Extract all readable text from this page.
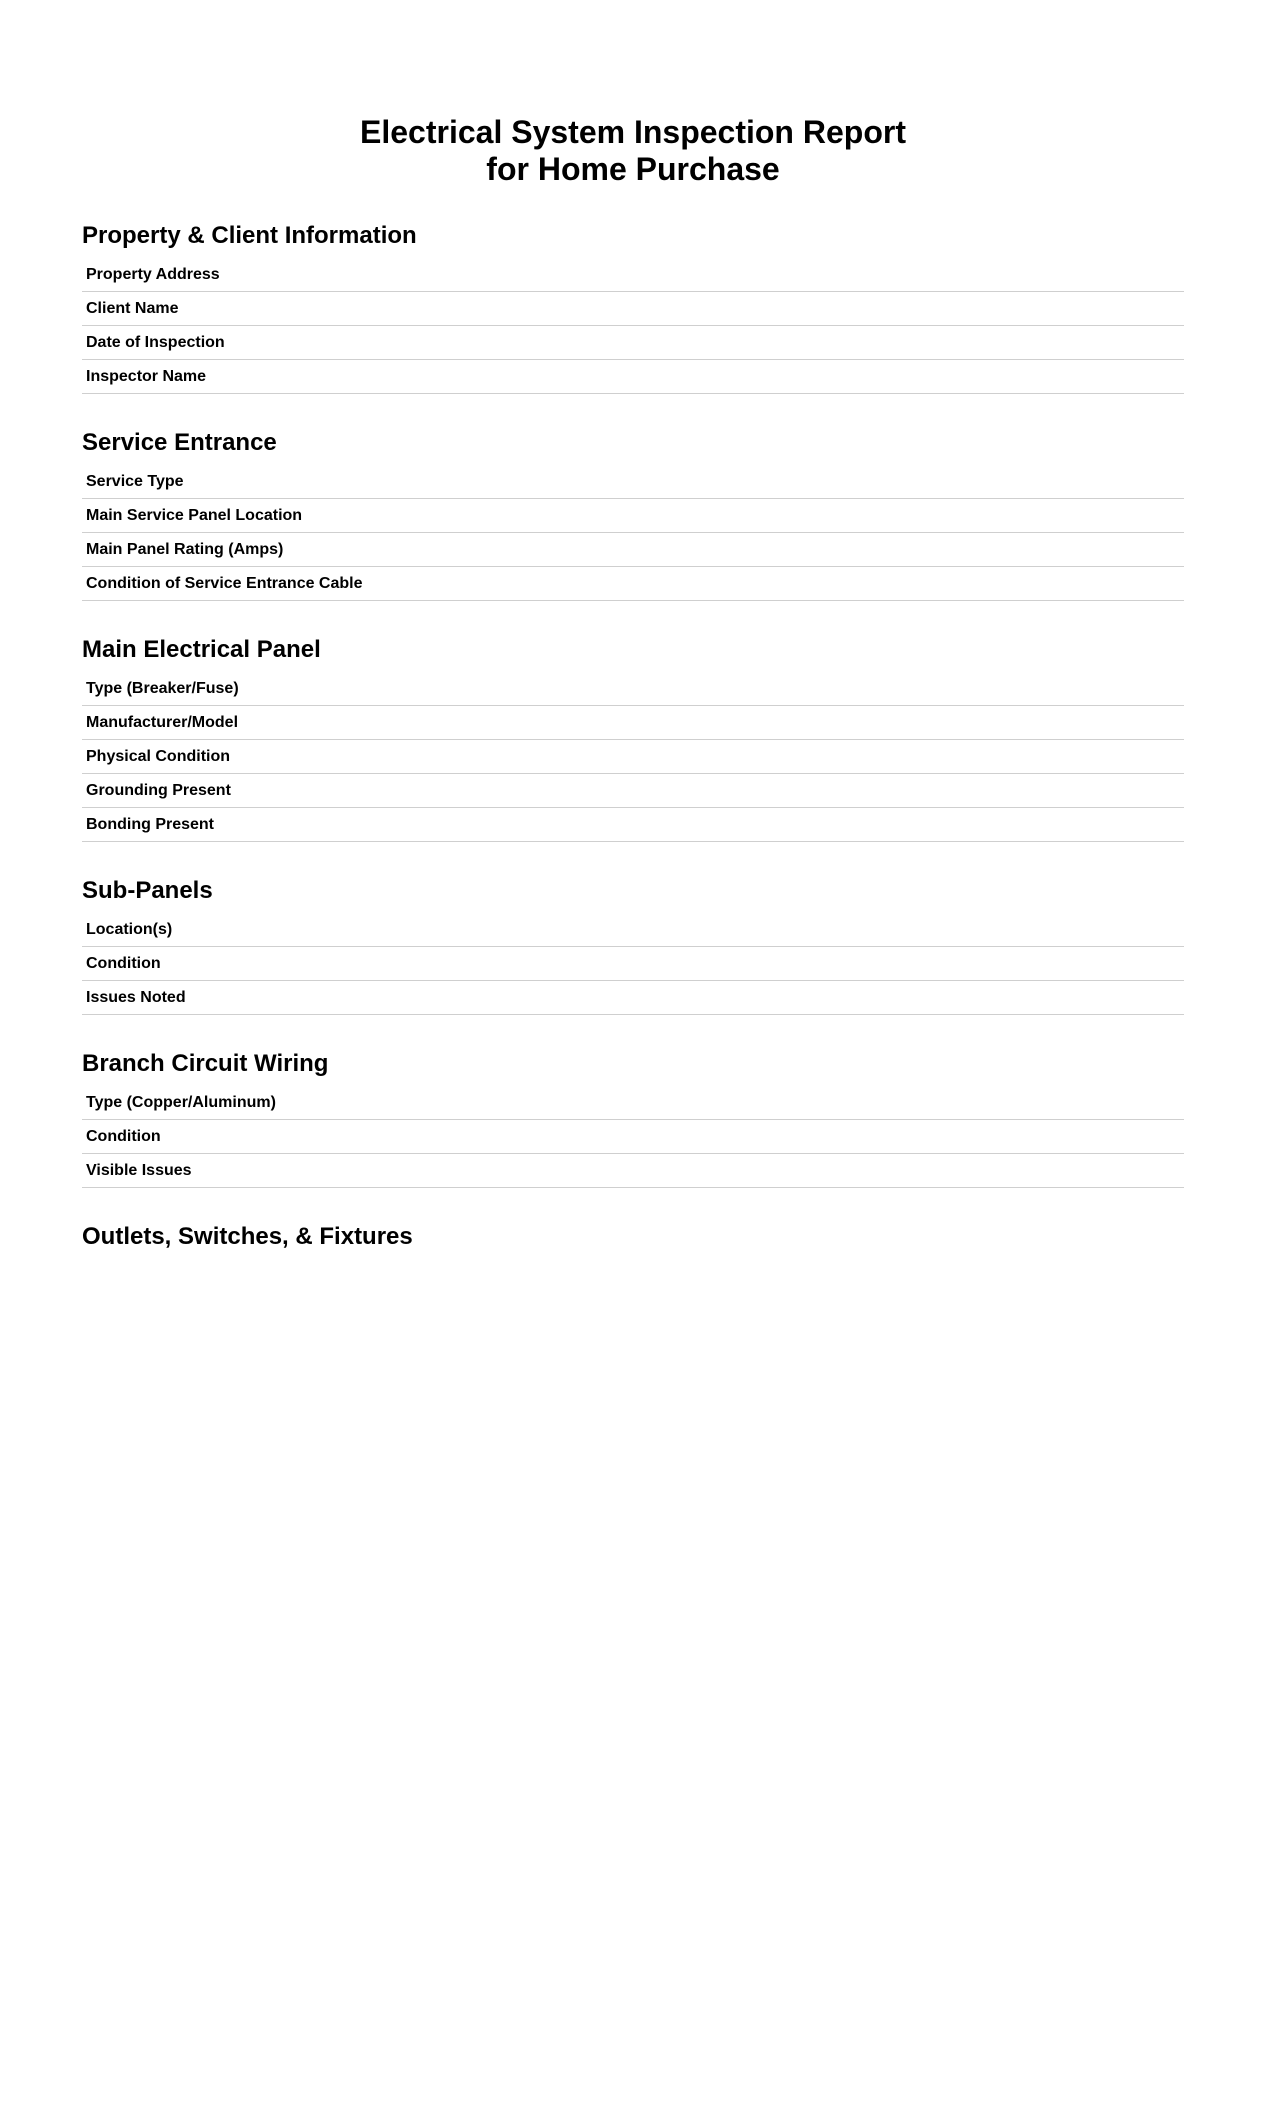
Electrical System Inspection Report
for Home Purchase
Property & Client Information
Property Address
Client Name
Date of Inspection
Inspector Name
Service Entrance
Service Type
Main Service Panel Location
Main Panel Rating (Amps)
Condition of Service Entrance Cable
Main Electrical Panel
Type (Breaker/Fuse)
Manufacturer/Model
Physical Condition
Grounding Present
Bonding Present
Sub-Panels
Location(s)
Condition
Issues Noted
Branch Circuit Wiring
Type (Copper/Aluminum)
Condition
Visible Issues
Outlets, Switches, & Fixtures
